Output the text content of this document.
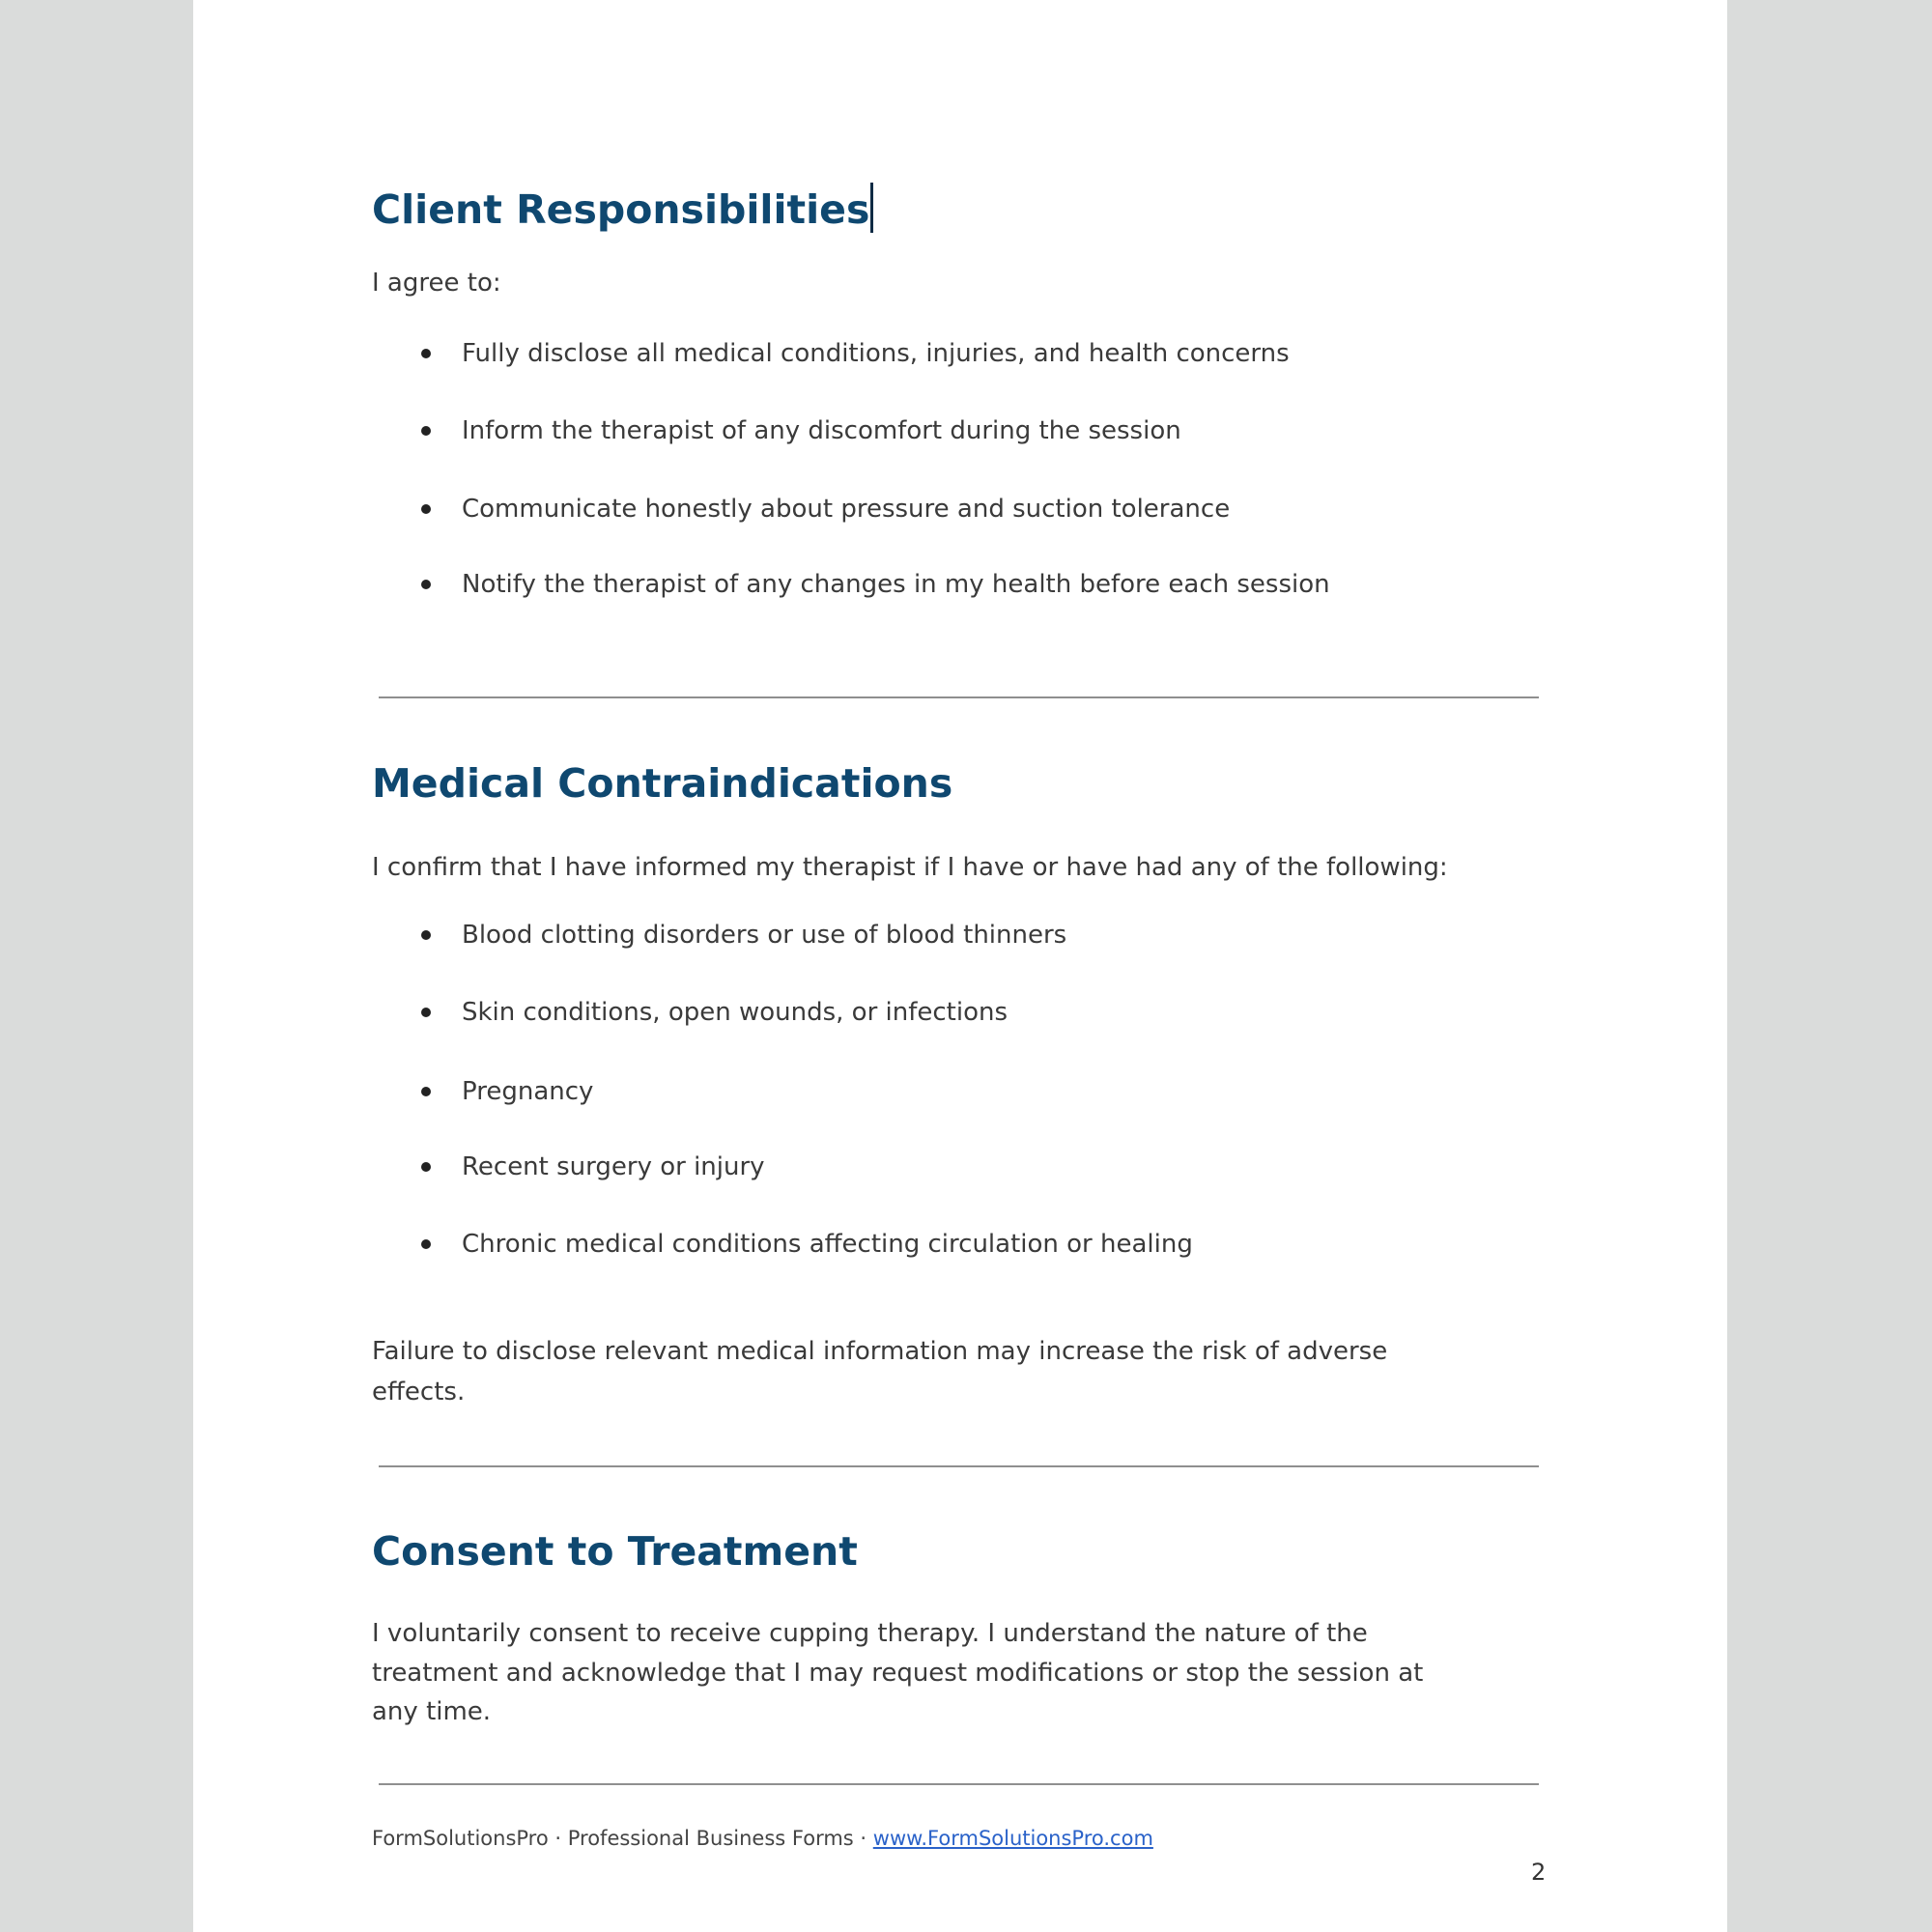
Client Responsibilities
I agree to:
Fully disclose all medical conditions, injuries, and health concerns
Inform the therapist of any discomfort during the session
Communicate honestly about pressure and suction tolerance
Notify the therapist of any changes in my health before each session
Medical Contraindications
I confirm that I have informed my therapist if I have or have had any of the following:
Blood clotting disorders or use of blood thinners
Skin conditions, open wounds, or infections
Pregnancy
Recent surgery or injury
Chronic medical conditions affecting circulation or healing
Failure to disclose relevant medical information may increase the risk of adverse
effects.
Consent to Treatment
I voluntarily consent to receive cupping therapy. I understand the nature of the
treatment and acknowledge that I may request modifications or stop the session at
any time.
FormSolutionsPro · Professional Business Forms · www.FormSolutionsPro.com
2
